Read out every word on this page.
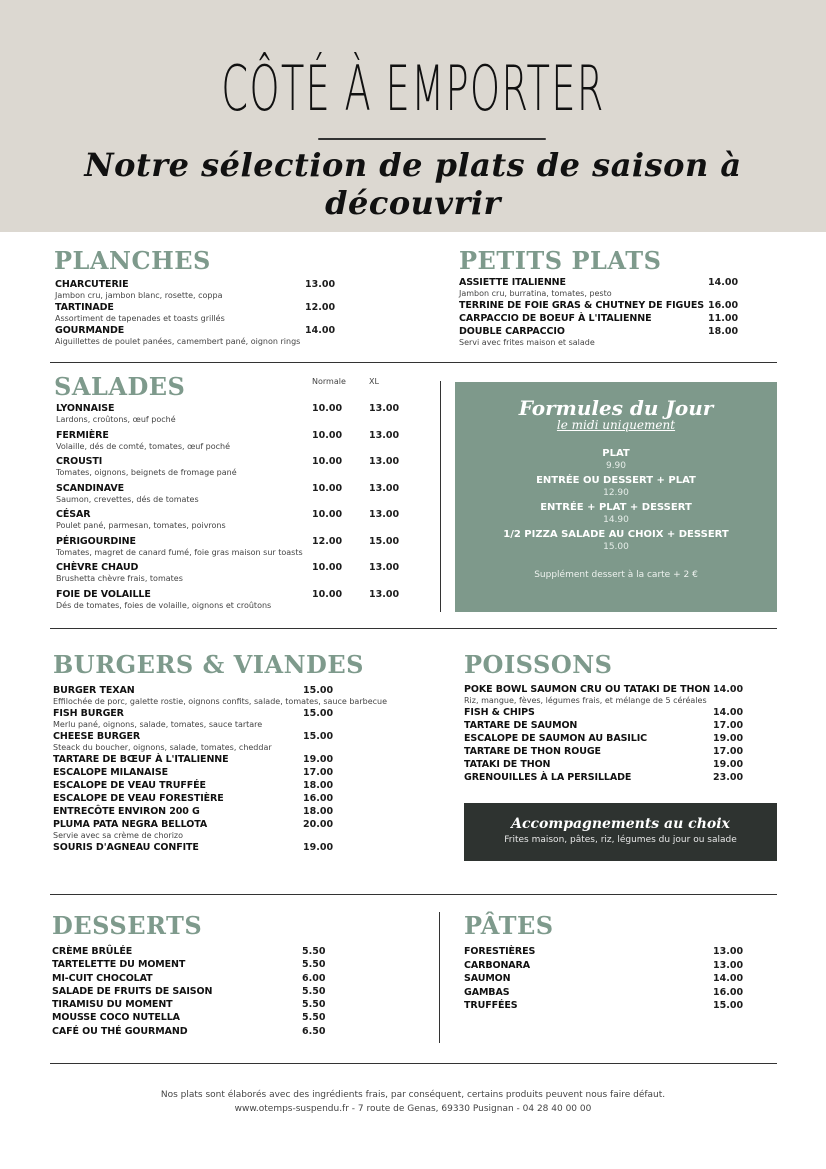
CÔTÉ À EMPORTER
Notre sélection de plats de saison à découvrir
PLANCHES
CHARCUTERIE	13.00
Jambon cru, jambon blanc, rosette, coppa
TARTINADE	12.00
Assortiment de tapenades et toasts grillés
GOURMANDE	14.00
Aiguillettes de poulet panées, camembert pané, oignon rings
PETITS PLATS
ASSIETTE ITALIENNE	14.00
Jambon cru, burratina, tomates, pesto
TERRINE DE FOIE GRAS & CHUTNEY DE FIGUES 16.00
CARPACCIO DE BOEUF À L'ITALIENNE	11.00
DOUBLE CARPACCIO	18.00
Servi avec frites maison et salade
SALADES	Normale	XL
LYONNAISE	10.00	13.00
Lardons, croûtons, œuf poché
FERMIÈRE	10.00	13.00
Volaille, dés de comté, tomates, œuf poché
CROUSTI	10.00	13.00
Tomates, oignons, beignets de fromage pané
SCANDINAVE	10.00	13.00
Saumon, crevettes, dés de tomates
CÉSAR	10.00	13.00
Poulet pané, parmesan, tomates, poivrons
PÉRIGOURDINE	12.00	15.00
Tomates, magret de canard fumé, foie gras maison sur toasts
CHÈVRE CHAUD	10.00	13.00
Brushetta chèvre frais, tomates
FOIE DE VOLAILLE	10.00	13.00
Dés de tomates, foies de volaille, oignons et croûtons
Formules du Jour
le midi uniquement
PLAT
9.90
ENTRÉE OU DESSERT + PLAT
12.90
ENTRÉE + PLAT + DESSERT
14.90
1/2 PIZZA SALADE AU CHOIX + DESSERT
15.00
Supplément dessert à la carte + 2 €
BURGERS & VIANDES
BURGER TEXAN	15.00
Effilochée de porc, galette rostie, oignons confits, salade, tomates, sauce barbecue
FISH BURGER	15.00
Merlu pané, oignons, salade, tomates, sauce tartare
CHEESE BURGER	15.00
Steack du boucher, oignons, salade, tomates, cheddar
TARTARE DE BŒUF À L'ITALIENNE	19.00
ESCALOPE MILANAISE	17.00
ESCALOPE DE VEAU TRUFFÉE	18.00
ESCALOPE DE VEAU FORESTIÈRE	16.00
ENTRECÔTE ENVIRON 200 G	18.00
PLUMA PATA NEGRA BELLOTA	20.00
Servie avec sa crème de chorizo
SOURIS D'AGNEAU CONFITE	19.00
POISSONS
POKE BOWL SAUMON CRU OU TATAKI DE THON 14.00
Riz, mangue, fèves, légumes frais, et mélange de 5 céréales
FISH & CHIPS	14.00
TARTARE DE SAUMON	17.00
ESCALOPE DE SAUMON AU BASILIC	19.00
TARTARE DE THON ROUGE	17.00
TATAKI DE THON	19.00
GRENOUILLES À LA PERSILLADE	23.00
Accompagnements au choix
Frites maison, pâtes, riz, légumes du jour ou salade
DESSERTS
CRÈME BRÛLÉE	5.50
TARTELETTE DU MOMENT	5.50
MI-CUIT CHOCOLAT	6.00
SALADE DE FRUITS DE SAISON	5.50
TIRAMISU DU MOMENT	5.50
MOUSSE COCO NUTELLA	5.50
CAFÉ OU THÉ GOURMAND	6.50
PÂTES
FORESTIÈRES	13.00
CARBONARA	13.00
SAUMON	14.00
GAMBAS	16.00
TRUFFÉES	15.00
Nos plats sont élaborés avec des ingrédients frais, par conséquent, certains produits peuvent nous faire défaut.
www.otemps-suspendu.fr - 7 route de Genas, 69330 Pusignan - 04 28 40 00 00
